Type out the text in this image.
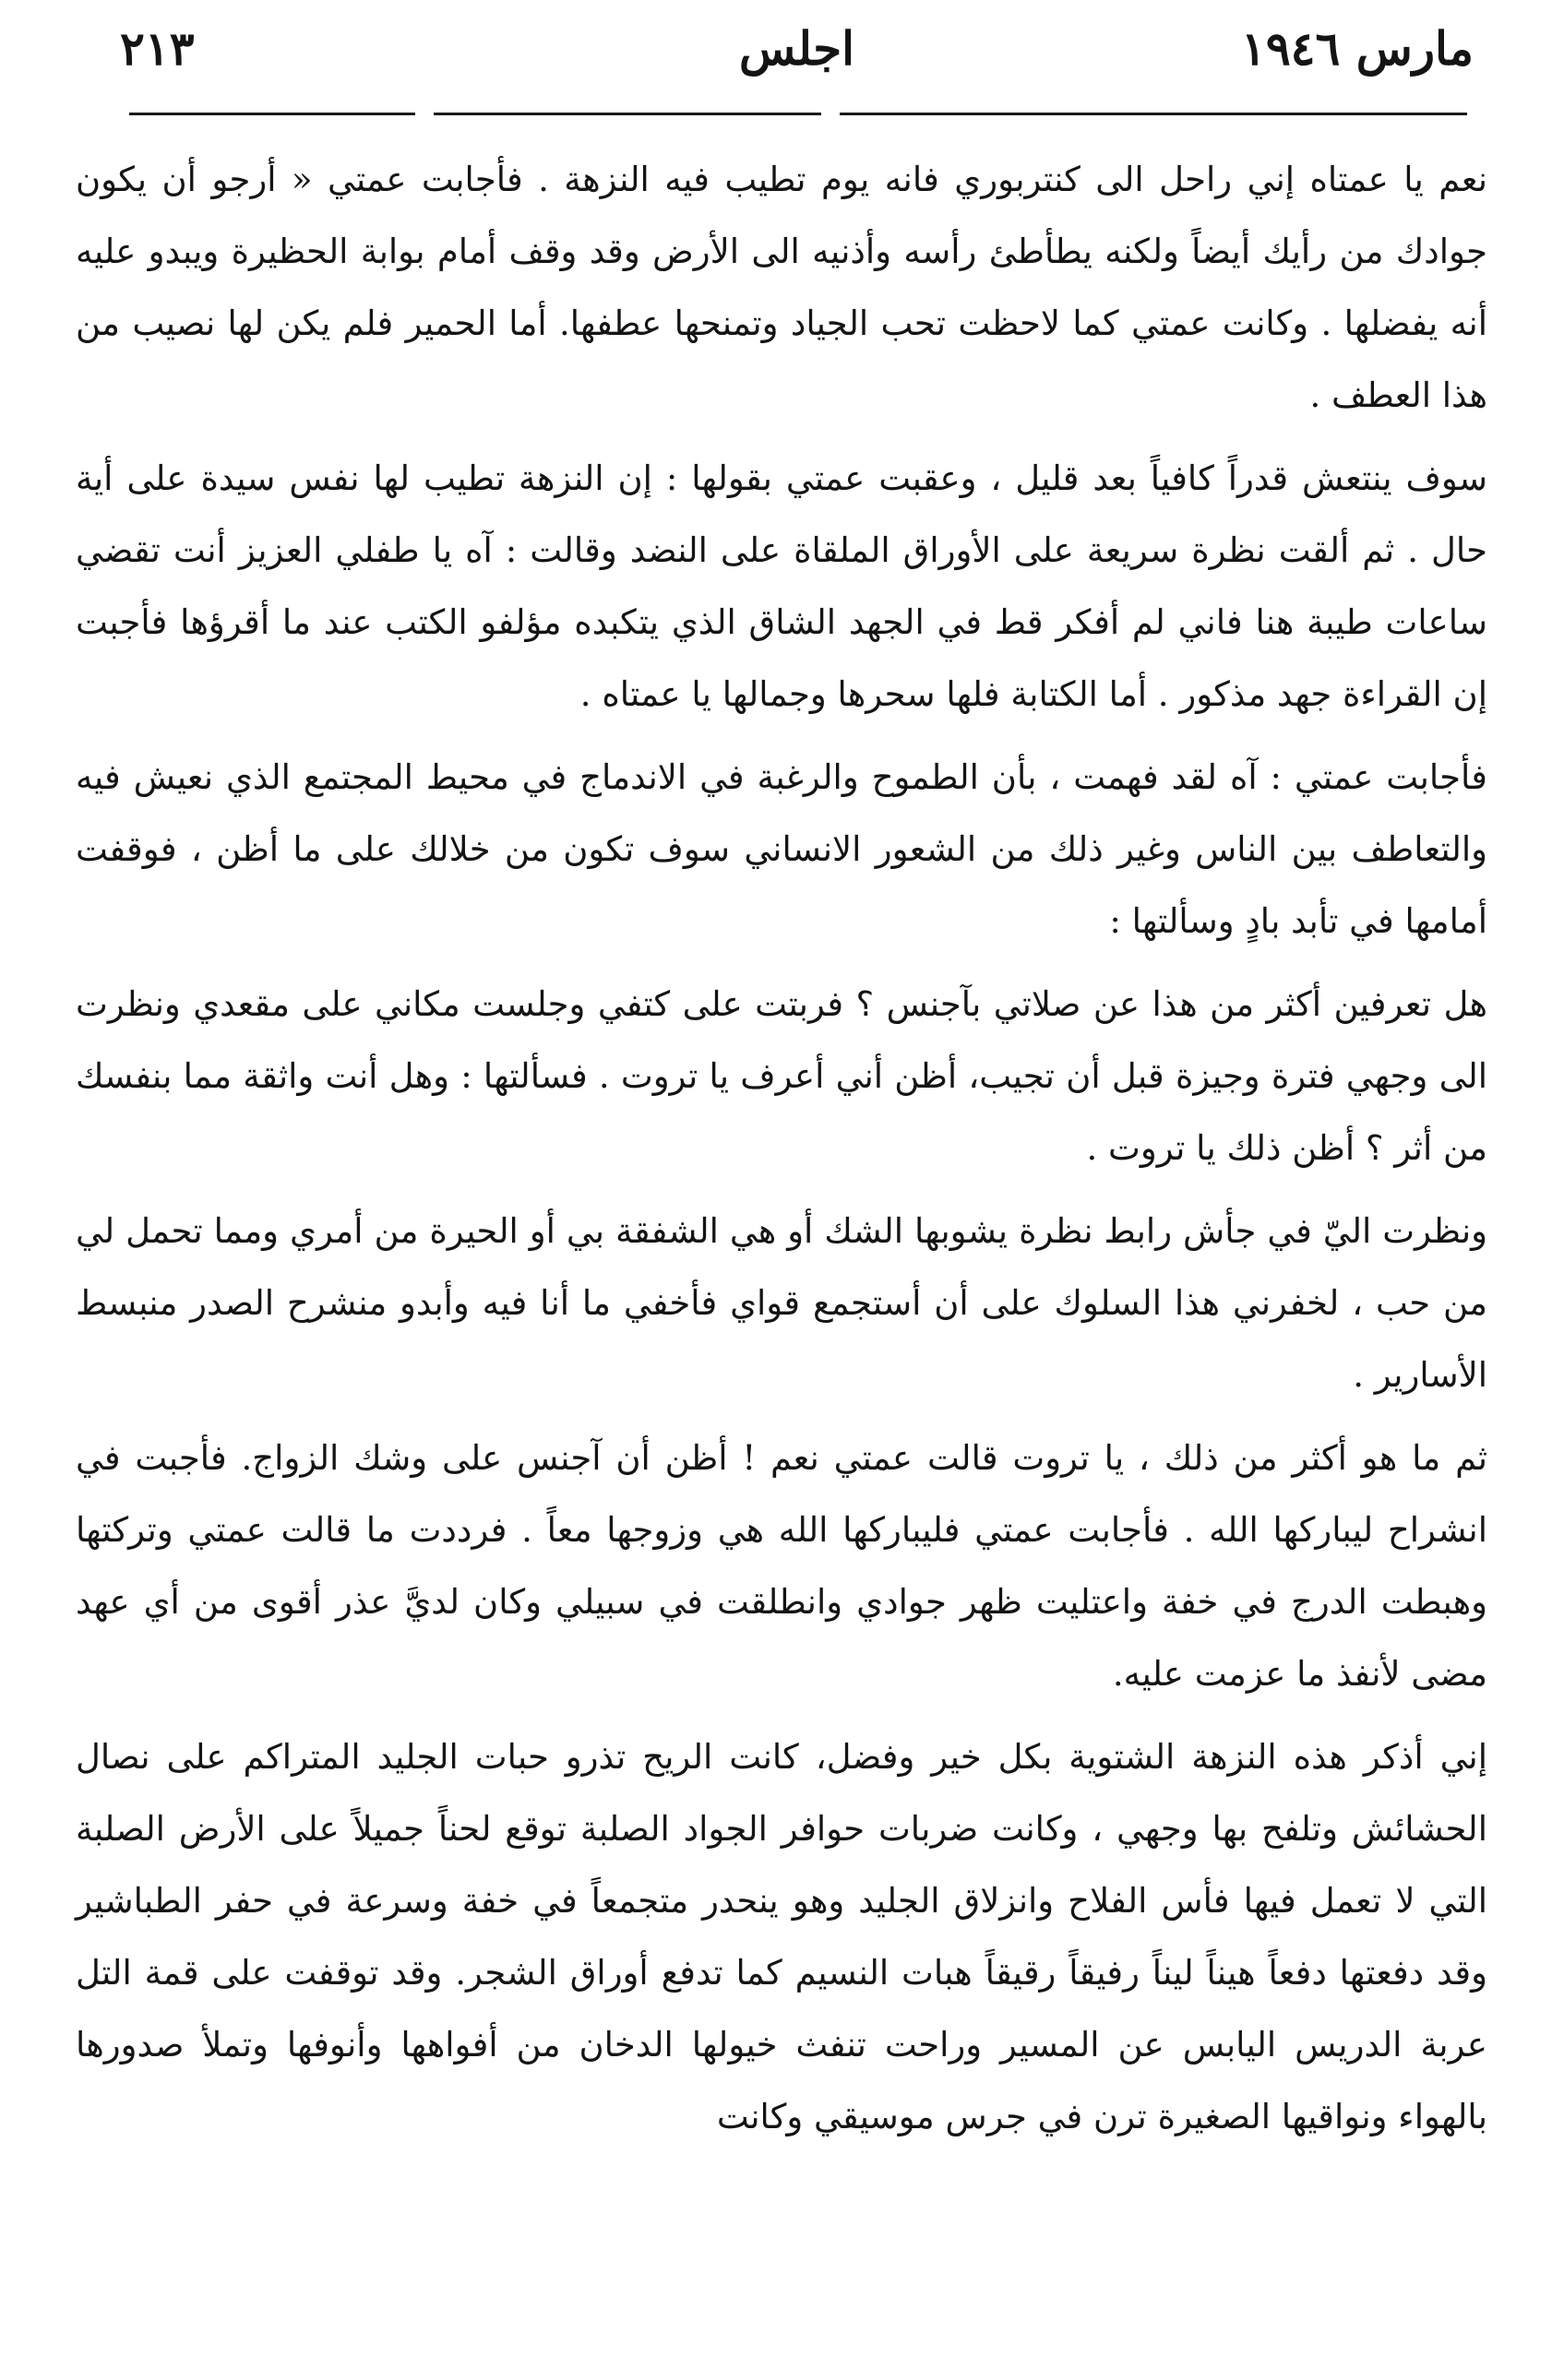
مارس ١٩٤٦
اجلس
٢١٣

نعم يا عمتاه إني راحل الى كنتربوري فانه يوم تطيب فيه النزهة . فأجابت عمتي « أرجو أن يكون جوادك من رأيك أيضاً ولكنه يطأطئ رأسه وأذنيه الى الأرض وقد وقف أمام بوابة الحظيرة ويبدو عليه أنه يفضلها . وكانت عمتي كما لاحظت تحب الجياد وتمنحها عطفها. أما الحمير فلم يكن لها نصيب من هذا العطف .

سوف ينتعش قدراً كافياً بعد قليل ، وعقبت عمتي بقولها : إن النزهة تطيب لها نفس سيدة على أية حال . ثم ألقت نظرة سريعة على الأوراق الملقاة على النضد وقالت : آه يا طفلي العزيز أنت تقضي ساعات طيبة هنا فاني لم أفكر قط في الجهد الشاق الذي يتكبده مؤلفو الكتب عند ما أقرؤها فأجبت إن القراءة جهد مذكور . أما الكتابة فلها سحرها وجمالها يا عمتاه .

فأجابت عمتي : آه لقد فهمت ، بأن الطموح والرغبة في الاندماج في محيط المجتمع الذي نعيش فيه والتعاطف بين الناس وغير ذلك من الشعور الانساني سوف تكون من خلالك على ما أظن ، فوقفت أمامها في تأبد بادٍ وسألتها :

هل تعرفين أكثر من هذا عن صلاتي بآجنس ؟ فربتت على كتفي وجلست مكاني على مقعدي ونظرت الى وجهي فترة وجيزة قبل أن تجيب، أظن أني أعرف يا تروت . فسألتها : وهل أنت واثقة مما بنفسك من أثر ؟ أظن ذلك يا تروت .

ونظرت اليّ في جأش رابط نظرة يشوبها الشك أو هي الشفقة بي أو الحيرة من أمري ومما تحمل لي من حب ، لخفرني هذا السلوك على أن أستجمع قواي فأخفي ما أنا فيه وأبدو منشرح الصدر منبسط الأسارير .

ثم ما هو أكثر من ذلك ، يا تروت قالت عمتي نعم ! أظن أن آجنس على وشك الزواج. فأجبت في انشراح ليباركها الله . فأجابت عمتي فليباركها الله هي وزوجها معاً . فرددت ما قالت عمتي وتركتها وهبطت الدرج في خفة واعتليت ظهر جوادي وانطلقت في سبيلي وكان لديَّ عذر أقوى من أي عهد مضى لأنفذ ما عزمت عليه.

إني أذكر هذه النزهة الشتوية بكل خير وفضل، كانت الريح تذرو حبات الجليد المتراكم على نصال الحشائش وتلفح بها وجهي ، وكانت ضربات حوافر الجواد الصلبة توقع لحناً جميلاً على الأرض الصلبة التي لا تعمل فيها فأس الفلاح وانزلاق الجليد وهو ينحدر متجمعاً في خفة وسرعة في حفر الطباشير وقد دفعتها دفعاً هيناً ليناً رفيقاً رقيقاً هبات النسيم كما تدفع أوراق الشجر. وقد توقفت على قمة التل عربة الدريس اليابس عن المسير وراحت تنفث خيولها الدخان من أفواهها وأنوفها وتملأ صدورها بالهواء ونواقيها الصغيرة ترن في جرس موسيقي وكانت
